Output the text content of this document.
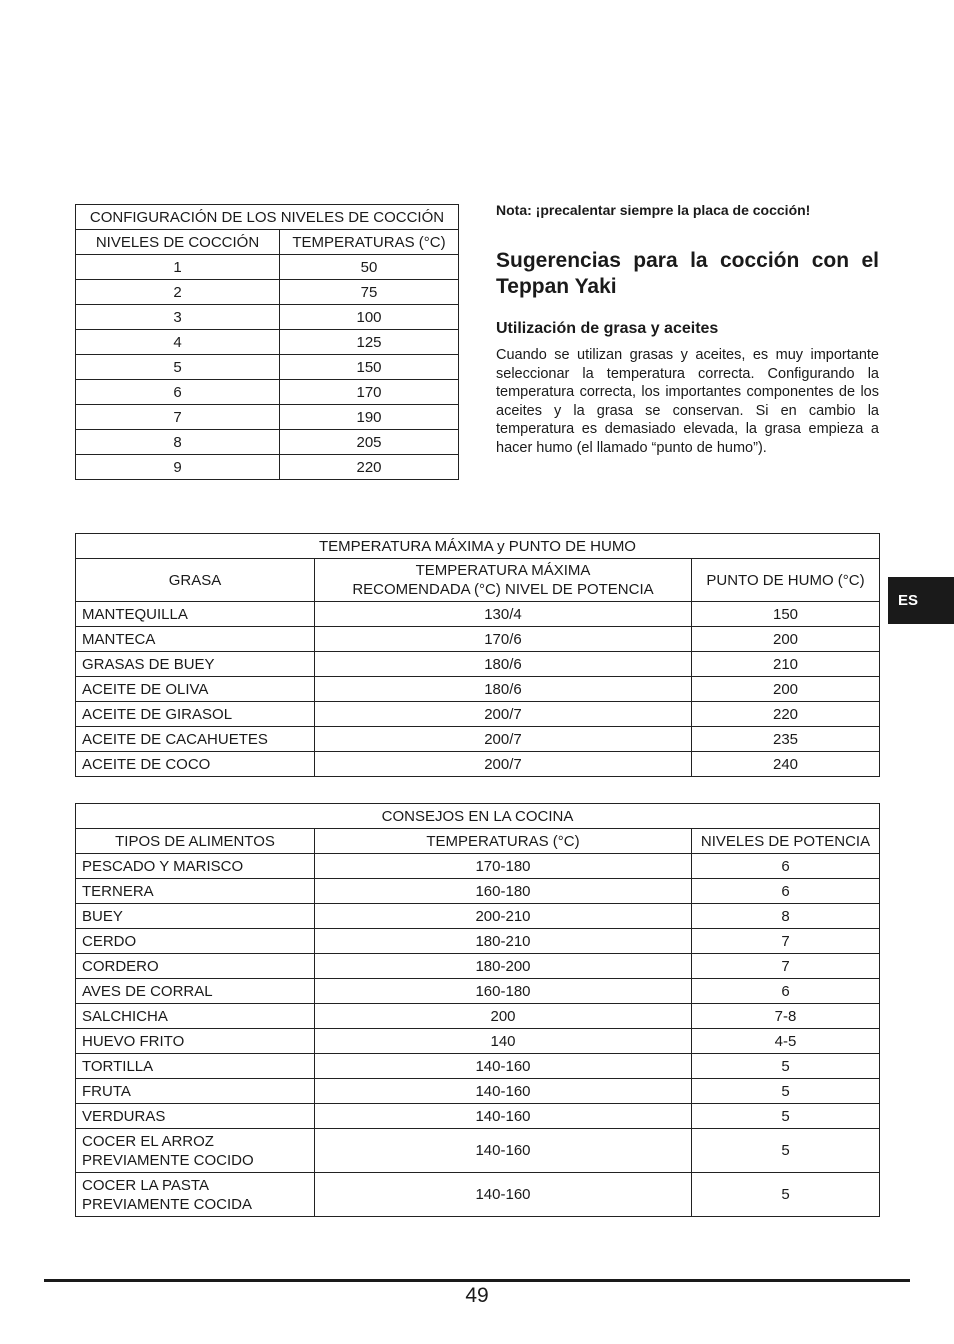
CONFIGURACIÓN DE LOS NIVELES DE COCCIÓN	
NIVELES DE COCCIÓN	TEMPERATURAS (°C)
1	50
2	75
3	100
4	125
5	150
6	170
7	190
8	205
9	220
Nota: ¡precalentar siempre la placa de cocción!
Sugerencias para la cocción con el Teppan Yaki
Utilización de grasa y aceites
Cuando se utilizan grasas y aceites, es muy importante seleccionar la temperatura correcta. Configurando la temperatura correcta, los importantes componentes de los aceites y la grasa se conservan. Si en cambio la temperatura es demasiado elevada, la grasa empieza a hacer humo (el llamado “punto de humo”).
TEMPERATURA MÁXIMA y PUNTO DE HUMO		
GRASA	TEMPERATURA MÁXIMA
RECOMENDADA (°C) NIVEL DE POTENCIA	PUNTO DE HUMO (°C)
MANTEQUILLA	130/4	150
MANTECA	170/6	200
GRASAS DE BUEY	180/6	210
ACEITE DE OLIVA	180/6	200
ACEITE DE GIRASOL	200/7	220
ACEITE DE CACAHUETES	200/7	235
ACEITE DE COCO	200/7	240
CONSEJOS EN LA COCINA		
TIPOS DE ALIMENTOS	TEMPERATURAS (°C)	NIVELES DE POTENCIA
PESCADO Y MARISCO	170-180	6
TERNERA	160-180	6
BUEY	200-210	8
CERDO	180-210	7
CORDERO	180-200	7
AVES DE CORRAL	160-180	6
SALCHICHA	200	7-8
HUEVO FRITO	140	4-5
TORTILLA	140-160	5
FRUTA	140-160	5
VERDURAS	140-160	5
COCER EL ARROZ
PREVIAMENTE COCIDO	140-160	5
COCER LA PASTA
PREVIAMENTE COCIDA	140-160	5
ES
49
